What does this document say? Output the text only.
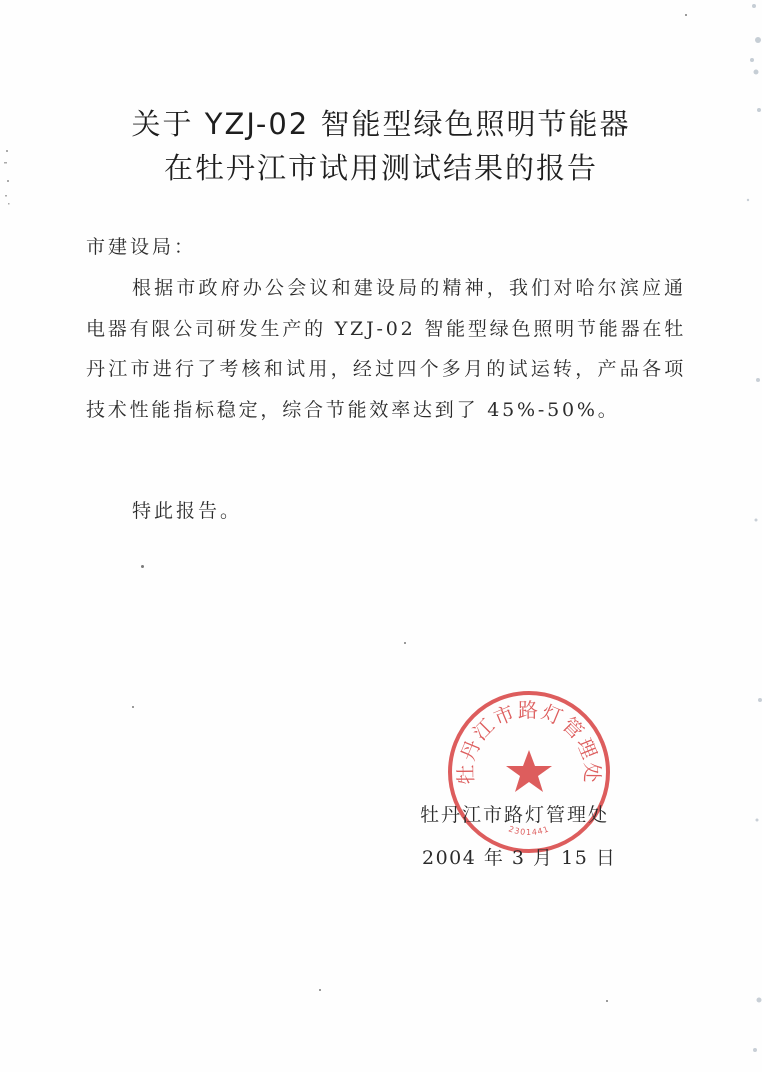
关于 YZJ-02 智能型绿色照明节能器
在牡丹江市试用测试结果的报告
市建设局：

根据市政府办公会议和建设局的精神，我们对哈尔滨应通电器有限公司研发生产的 YZJ-02 智能型绿色照明节能器在牡丹江市进行了考核和试用，经过四个多月的试运转，产品各项技术性能指标稳定，综合节能效率达到了 45%-50%。

特此报告。
牡丹江市路灯管理处
2301441
牡丹江市路灯管理处
2004 年 3 月 15 日
